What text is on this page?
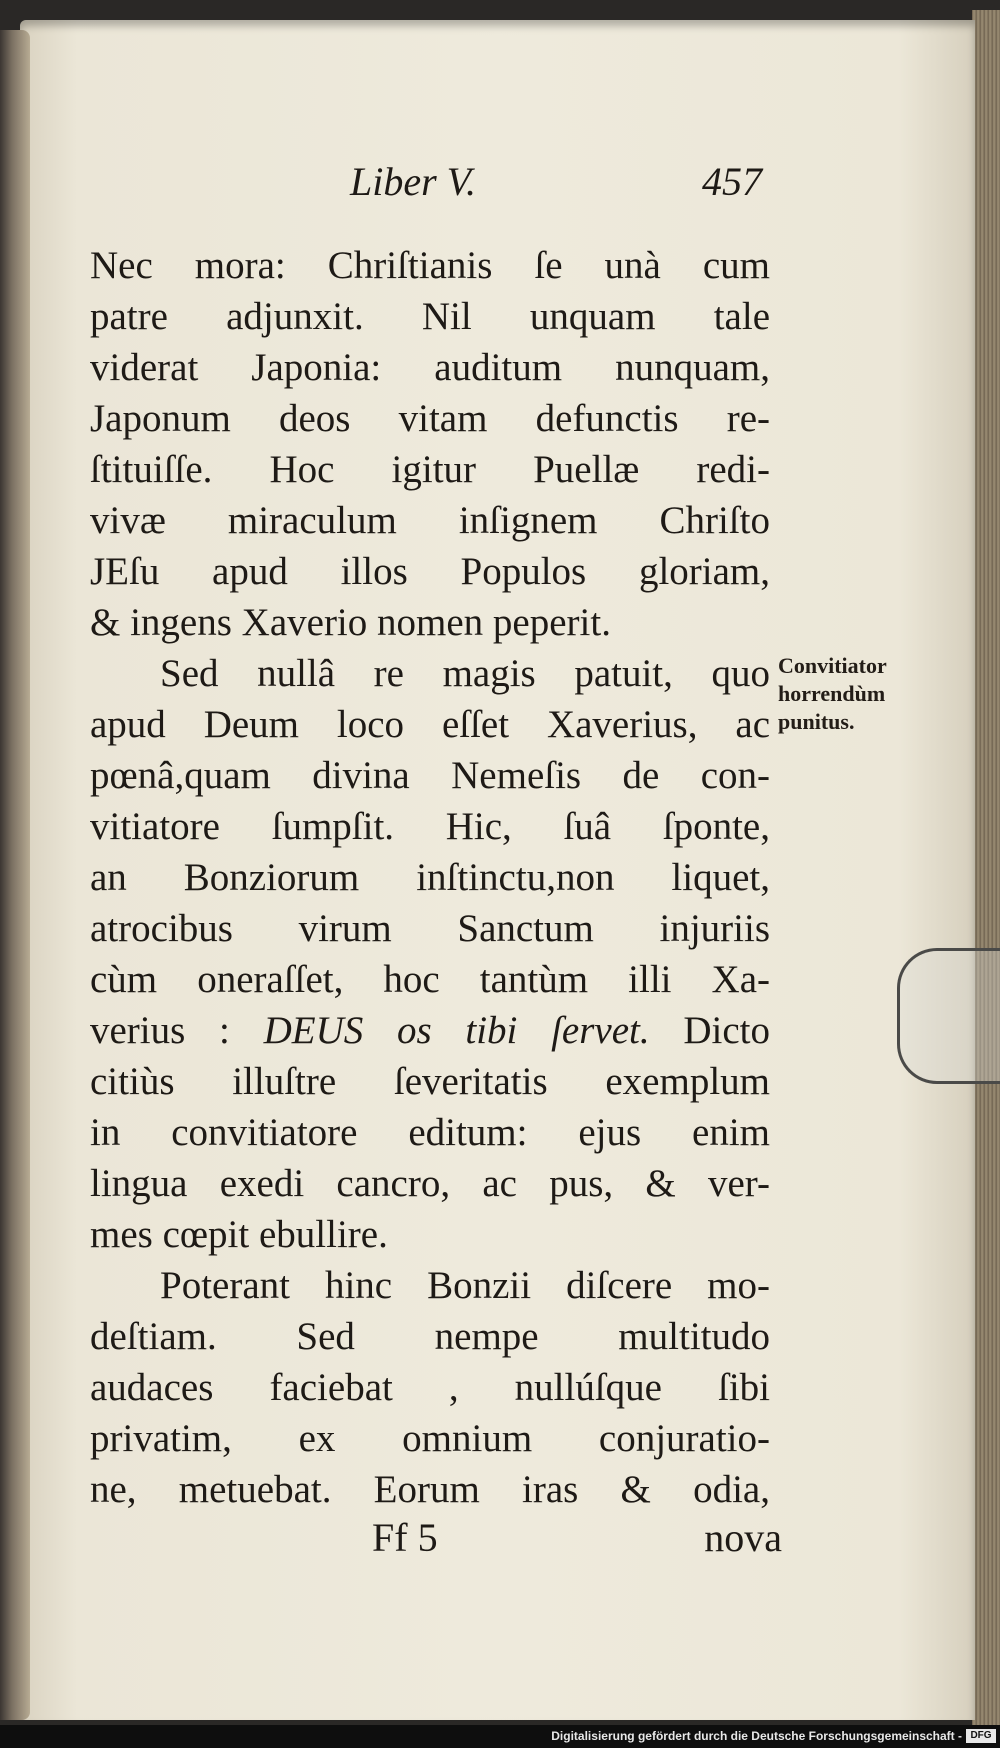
Liber V.	457
Nec mora: Chriſtianis ſe unà cum
patre adjunxit. Nil unquam tale
viderat Japonia: auditum nunquam,
Japonum deos vitam defunctis re-
ſtituiſſe. Hoc igitur Puellæ redi-
vivæ miraculum inſignem Chriſto
JEſu apud illos Populos gloriam,
& ingens Xaverio nomen peperit.
Sed nullâ re magis patuit, quo
apud Deum loco eſſet Xaverius, ac
pœnâ,quam divina Nemeſis de con-
vitiatore ſumpſit. Hic, ſuâ ſponte,
an Bonziorum inſtinctu,non liquet,
atrocibus virum Sanctum injuriis
cùm oneraſſet, hoc tantùm illi Xa-
verius : DEUS os tibi ſervet. Dicto
citiùs illuſtre ſeveritatis exemplum
in convitiatore editum: ejus enim
lingua exedi cancro, ac pus, & ver-
mes cœpit ebullire.
Poterant hinc Bonzii diſcere mo-
deſtiam. Sed nempe multitudo
audaces faciebat , nullúſque ſibi
privatim, ex omnium conjuratio-
ne, metuebat. Eorum iras & odia,
Convitiator
horrendùm
punitus.
Ff 5	nova
Digitalisierung gefördert durch die Deutsche Forschungsgemeinschaft - DFG
